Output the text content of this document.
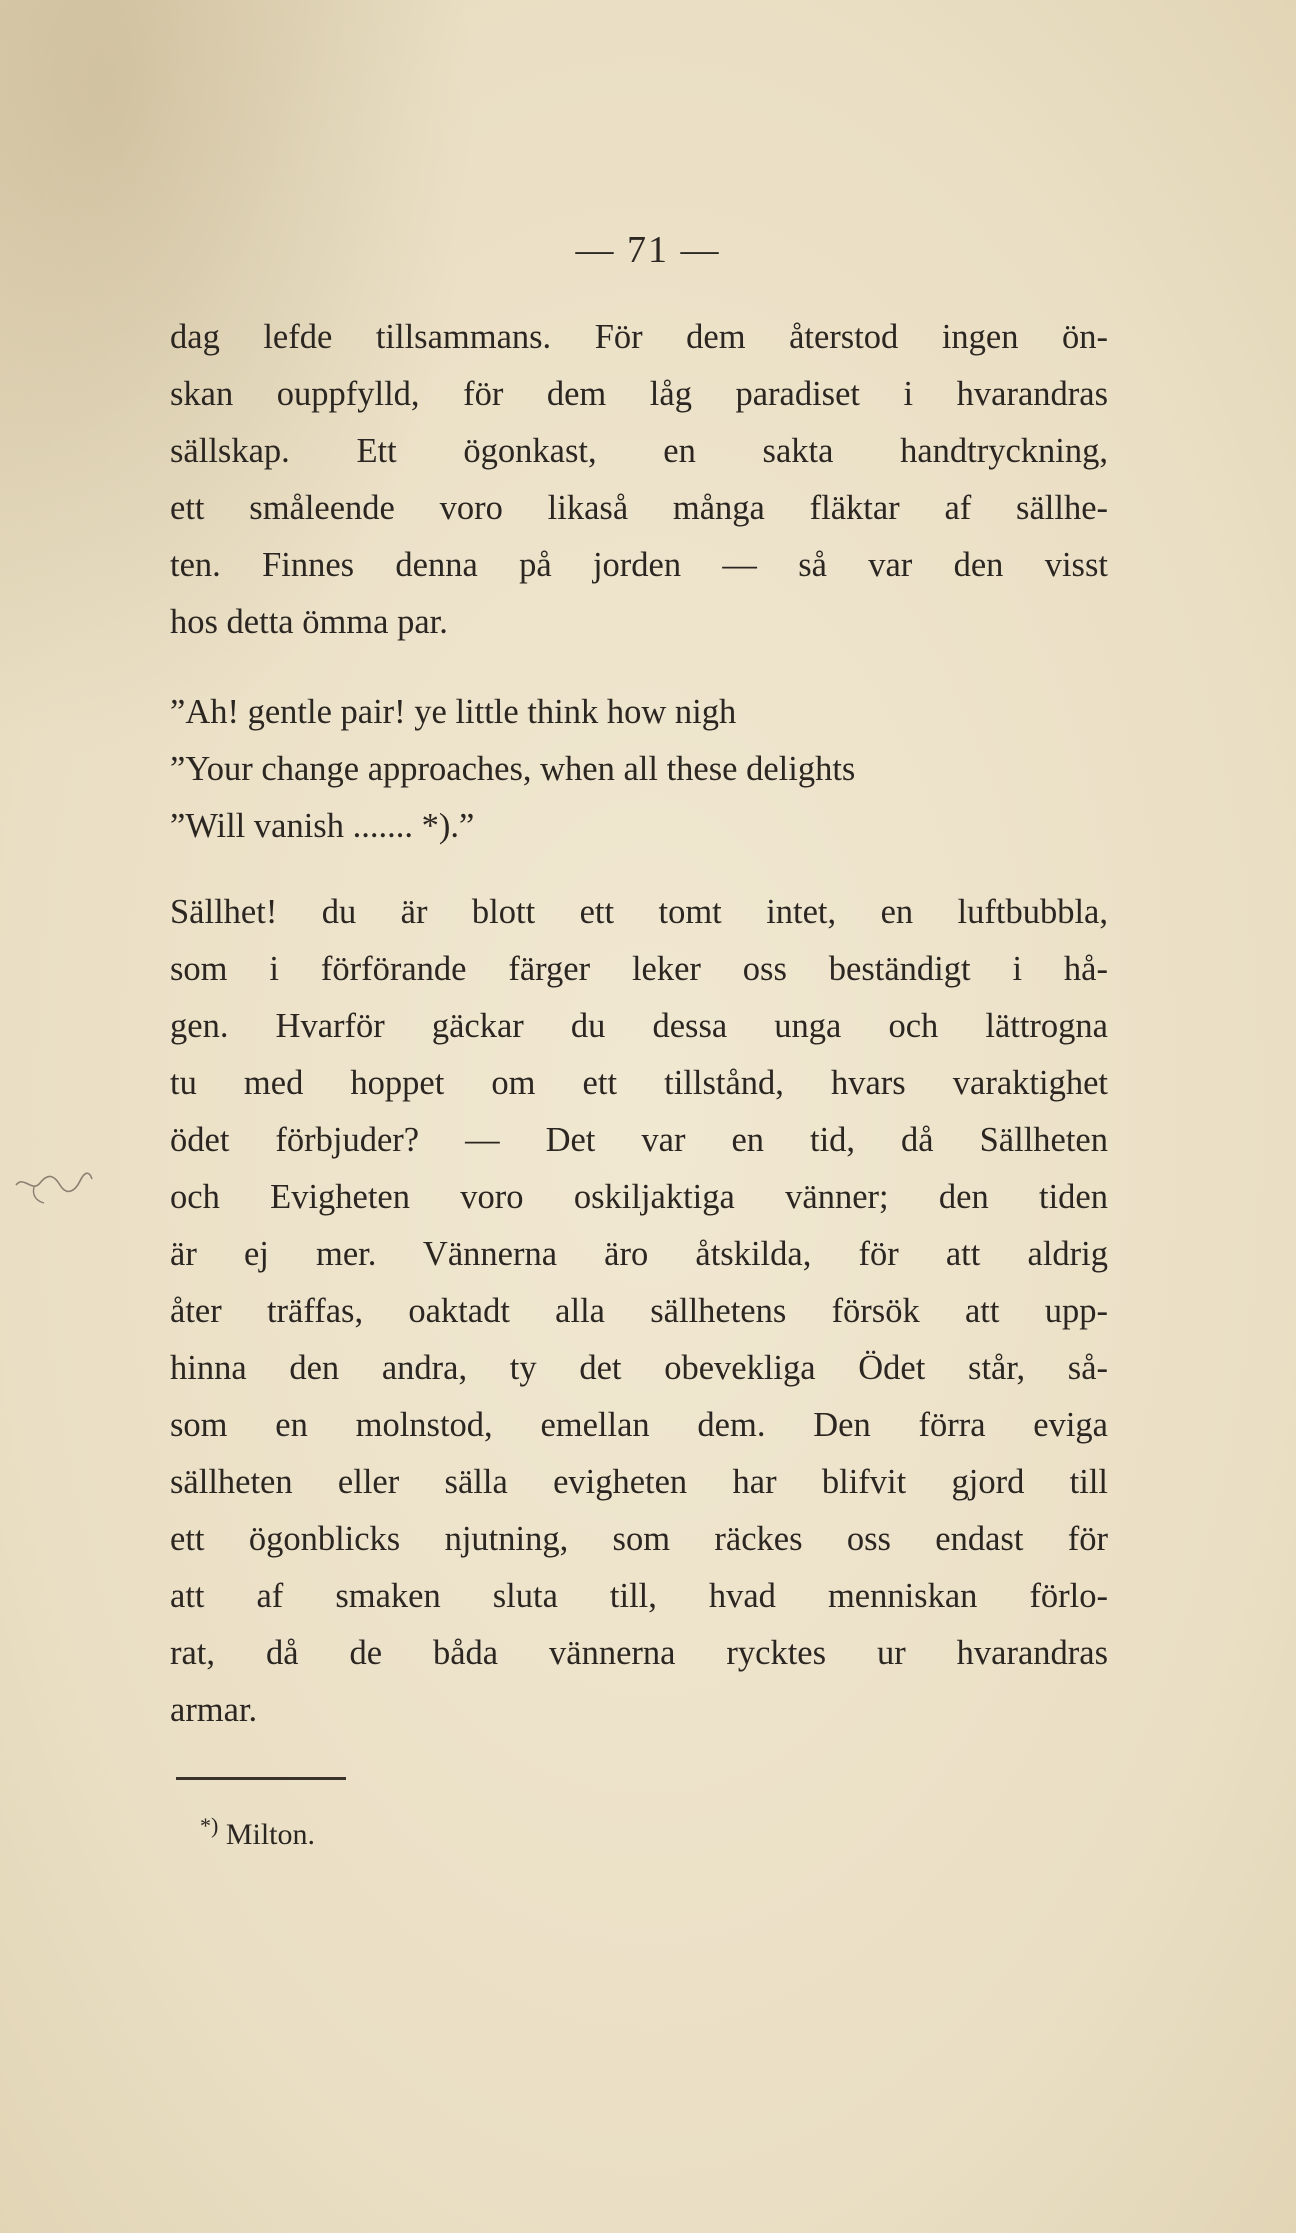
— 71 —
dag lefde tillsammans. För dem återstod ingen ön-
skan ouppfylld, för dem låg paradiset i hvarandras
sällskap. Ett ögonkast, en sakta handtryckning,
ett småleende voro likaså många fläktar af sällhe-
ten. Finnes denna på jorden — så var den visst
hos detta ömma par.
”Ah! gentle pair! ye little think how nigh
”Your change approaches, when all these delights
”Will vanish ....... *).”
Sällhet! du är blott ett tomt intet, en luftbubbla,
som i förförande färger leker oss beständigt i hå-
gen. Hvarför gäckar du dessa unga och lättrogna
tu med hoppet om ett tillstånd, hvars varaktighet
ödet förbjuder? — Det var en tid, då Sällheten
och Evigheten voro oskiljaktiga vänner; den tiden
är ej mer. Vännerna äro åtskilda, för att aldrig
åter träffas, oaktadt alla sällhetens försök att upp-
hinna den andra, ty det obevekliga Ödet står, så-
som en molnstod, emellan dem. Den förra eviga
sällheten eller sälla evigheten har blifvit gjord till
ett ögonblicks njutning, som räckes oss endast för
att af smaken sluta till, hvad menniskan förlo-
rat, då de båda vännerna rycktes ur hvarandras
armar.
*) Milton.
